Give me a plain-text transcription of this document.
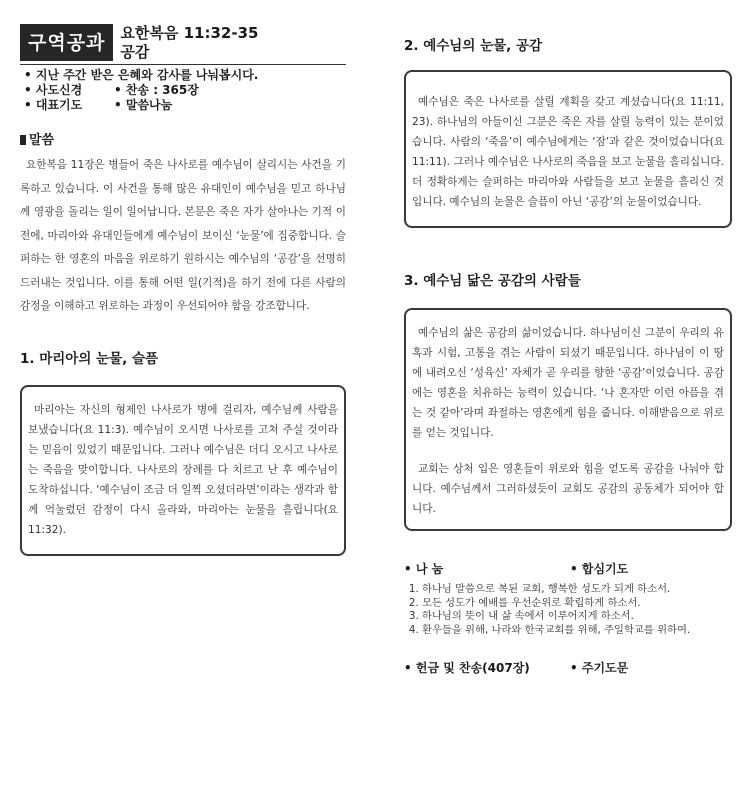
구역공과	요한복음 11:32-35
공감
• 지난 주간 받은 은혜와 감사를 나눠봅시다.
• 사도신경	• 찬송 : 365장
• 대표기도	• 말씀나눔
말씀
요한복음 11장은 병들어 죽은 나사로를 예수님이 살리시는 사건을 기록하고 있습니다. 이 사건을 통해 많은 유대인이 예수님을 믿고 하나님께 영광을 돌리는 일이 일어납니다. 본문은 죽은 자가 살아나는 기적 이전에, 마리아와 유대인들에게 예수님이 보이신 ‘눈물’에 집중합니다. 슬퍼하는 한 영혼의 마음을 위로하기 원하시는 예수님의 ‘공감’을 선명히 드러내는 것입니다. 이를 통해 어떤 일(기적)을 하기 전에 다른 사람의 감정을 이해하고 위로하는 과정이 우선되어야 함을 강조합니다.
1. 마리아의 눈물, 슬픔

마리아는 자신의 형제인 나사로가 병에 걸리자, 예수님께 사람을 보냈습니다(요 11:3). 예수님이 오시면 나사로를 고쳐 주실 것이라는 믿음이 있었기 때문입니다. 그러나 예수님은 더디 오시고 나사로는 죽음을 맞이합니다. 나사로의 장례를 다 치르고 난 후 예수님이 도착하십니다. ‘예수님이 조금 더 일찍 오셨더라면’이라는 생각과 함께 억눌렸던 감정이 다시 올라와, 마리아는 눈물을 흘립니다(요 11:32).

2. 예수님의 눈물, 공감

예수님은 죽은 나사로를 살릴 계획을 갖고 계셨습니다(요 11:11, 23). 하나님의 아들이신 그분은 죽은 자를 살릴 능력이 있는 분이었습니다. 사람의 ‘죽음’이 예수님에게는 ‘잠’과 같은 것이었습니다(요 11:11). 그러나 예수님은 나사로의 죽음을 보고 눈물을 흘리십니다. 더 정확하게는 슬퍼하는 마리아와 사람들을 보고 눈물을 흘리신 것입니다. 예수님의 눈물은 슬픔이 아닌 ‘공감’의 눈물이었습니다.

3. 예수님 닮은 공감의 사람들

예수님의 삶은 공감의 삶이었습니다. 하나님이신 그분이 우리의 유혹과 시험, 고통을 겪는 사람이 되셨기 때문입니다. 하나님이 이 땅에 내려오신 ‘성육신’ 자체가 곧 우리를 향한 ‘공감’이었습니다. 공감에는 영혼을 치유하는 능력이 있습니다. ‘나 혼자만 이런 아픔을 겪는 것 같아’라며 좌절하는 영혼에게 힘을 줍니다. 이해받음으로 위로를 얻는 것입니다.

교회는 상처 입은 영혼들이 위로와 힘을 얻도록 공감을 나눠야 합니다. 예수님께서 그러하셨듯이 교회도 공감의 공동체가 되어야 합니다.

• 나 눔	• 합심기도
1. 하나님 말씀으로 복된 교회, 행복한 성도가 되게 하소서.
2. 모든 성도가 예배를 우선순위로 확립하게 하소서.
3. 하나님의 뜻이 내 삶 속에서 이루어지게 하소서.
4. 환우들을 위해, 나라와 한국교회를 위해, 주일학교를 위하여.
• 헌금 및 찬송(407장)	• 주기도문
